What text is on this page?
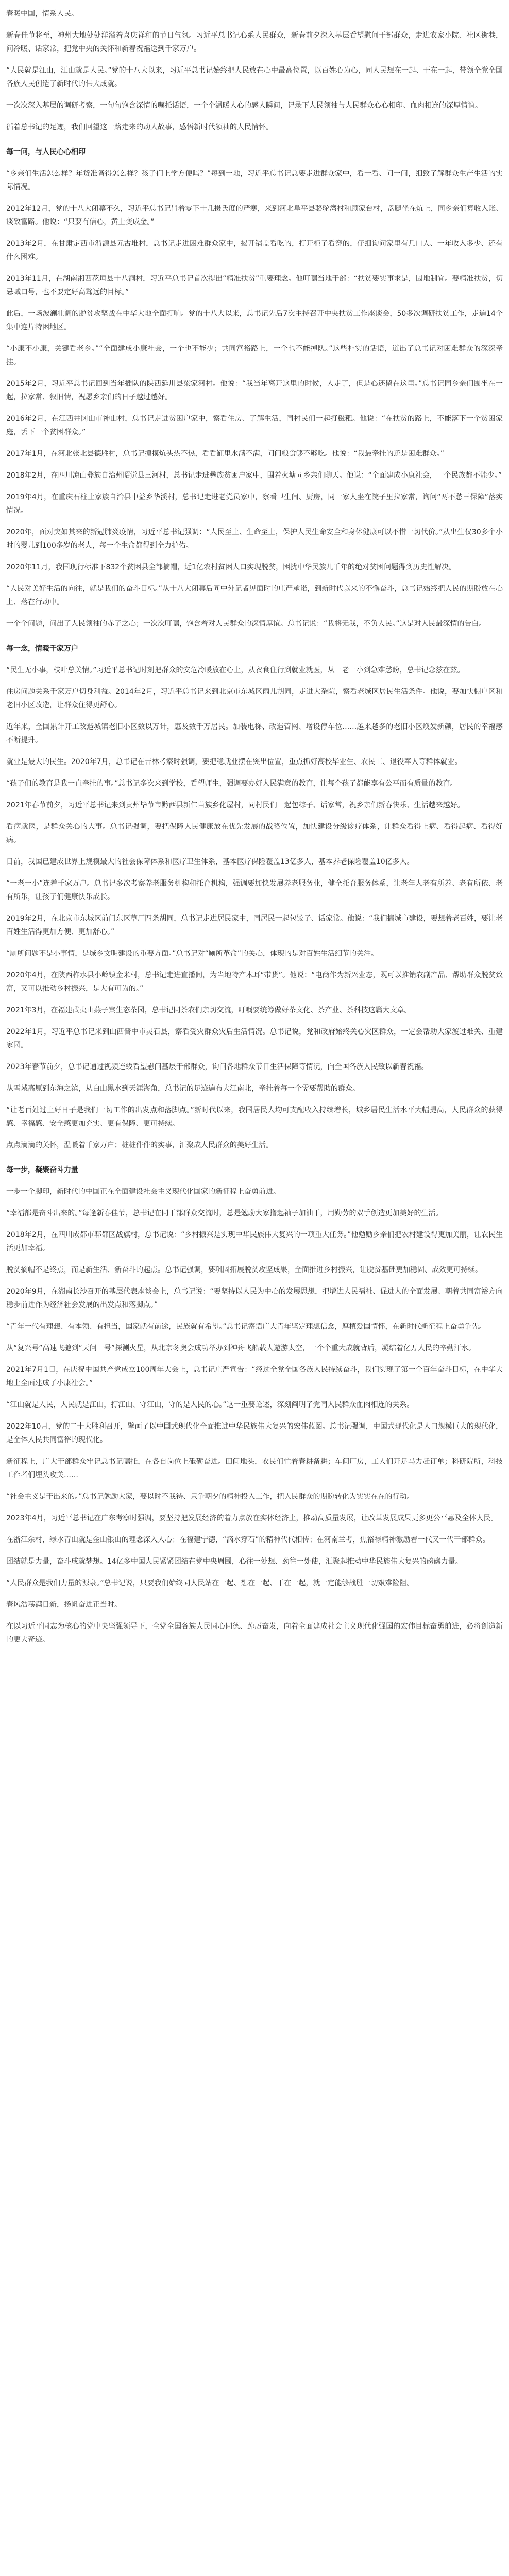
春暖中国，情系人民。

新春佳节将至，神州大地处处洋溢着喜庆祥和的节日气氛。习近平总书记心系人民群众，新春前夕深入基层看望慰问干部群众，走进农家小院、社区街巷，问冷暖、话家常，把党中央的关怀和新春祝福送到千家万户。

“人民就是江山，江山就是人民。”党的十八大以来，习近平总书记始终把人民放在心中最高位置，以百姓心为心，同人民想在一起、干在一起，带领全党全国各族人民创造了新时代的伟大成就。

一次次深入基层的调研考察，一句句饱含深情的嘱托话语，一个个温暖人心的感人瞬间，记录下人民领袖与人民群众心心相印、血肉相连的深厚情谊。

循着总书记的足迹，我们回望这一路走来的动人故事，感悟新时代领袖的人民情怀。

每一问，与人民心心相印

“乡亲们生活怎么样？年货准备得怎么样？孩子们上学方便吗？”每到一地，习近平总书记总要走进群众家中，看一看、问一问，细致了解群众生产生活的实际情况。

2012年12月，党的十八大闭幕不久，习近平总书记冒着零下十几摄氏度的严寒，来到河北阜平县骆驼湾村和顾家台村，盘腿坐在炕上，同乡亲们算收入账、谈致富路。他说：“只要有信心，黄土变成金。”

2013年2月，在甘肃定西市渭源县元古堆村，总书记走进困难群众家中，揭开锅盖看吃的，打开柜子看穿的，仔细询问家里有几口人、一年收入多少、还有什么困难。

2013年11月，在湖南湘西花垣县十八洞村，习近平总书记首次提出“精准扶贫”重要理念。他叮嘱当地干部：“扶贫要实事求是，因地制宜。要精准扶贫，切忌喊口号，也不要定好高骛远的目标。”

此后，一场波澜壮阔的脱贫攻坚战在中华大地全面打响。党的十八大以来，总书记先后7次主持召开中央扶贫工作座谈会，50多次调研扶贫工作，走遍14个集中连片特困地区。

“小康不小康，关键看老乡。”“全面建成小康社会，一个也不能少；共同富裕路上，一个也不能掉队。”这些朴实的话语，道出了总书记对困难群众的深深牵挂。

2015年2月，习近平总书记回到当年插队的陕西延川县梁家河村。他说：“我当年离开这里的时候，人走了，但是心还留在这里。”总书记同乡亲们围坐在一起，拉家常、叙旧情，祝愿乡亲们的日子越过越好。

2016年2月，在江西井冈山市神山村，总书记走进贫困户家中，察看住房、了解生活，同村民们一起打糍粑。他说：“在扶贫的路上，不能落下一个贫困家庭，丢下一个贫困群众。”

2017年1月，在河北张北县德胜村，总书记摸摸炕头热不热，看看缸里水满不满，问问粮食够不够吃。他说：“我最牵挂的还是困难群众。”

2018年2月，在四川凉山彝族自治州昭觉县三河村，总书记走进彝族贫困户家中，围着火塘同乡亲们聊天。他说：“全面建成小康社会，一个民族都不能少。”

2019年4月，在重庆石柱土家族自治县中益乡华溪村，总书记走进老党员家中，察看卫生间、厨房，同一家人坐在院子里拉家常，询问“两不愁三保障”落实情况。

2020年，面对突如其来的新冠肺炎疫情，习近平总书记强调：“人民至上、生命至上，保护人民生命安全和身体健康可以不惜一切代价。”从出生仅30多个小时的婴儿到100多岁的老人，每一个生命都得到全力护佑。

2020年11月，我国现行标准下832个贫困县全部摘帽，近1亿农村贫困人口实现脱贫，困扰中华民族几千年的绝对贫困问题得到历史性解决。

“人民对美好生活的向往，就是我们的奋斗目标。”从十八大闭幕后同中外记者见面时的庄严承诺，到新时代以来的不懈奋斗，总书记始终把人民的期盼放在心上、落在行动中。

一个个问题，问出了人民领袖的赤子之心；一次次叮嘱，饱含着对人民群众的深情厚谊。总书记说：“我将无我，不负人民。”这是对人民最深情的告白。

每一念，情暖千家万户

“民生无小事，枝叶总关情。”习近平总书记时刻把群众的安危冷暖放在心上，从衣食住行到就业就医，从一老一小到急难愁盼，总书记念兹在兹。

住房问题关系千家万户切身利益。2014年2月，习近平总书记来到北京市东城区雨儿胡同，走进大杂院，察看老城区居民生活条件。他说，要加快棚户区和老旧小区改造，让群众住得更舒心。

近年来，全国累计开工改造城镇老旧小区数以万计，惠及数千万居民。加装电梯、改造管网、增设停车位……越来越多的老旧小区焕发新颜，居民的幸福感不断提升。

就业是最大的民生。2020年7月，总书记在吉林考察时强调，要把稳就业摆在突出位置，重点抓好高校毕业生、农民工、退役军人等群体就业。

“孩子们的教育是我一直牵挂的事。”总书记多次来到学校，看望师生，强调要办好人民满意的教育，让每个孩子都能享有公平而有质量的教育。

2021年春节前夕，习近平总书记来到贵州毕节市黔西县新仁苗族乡化屋村，同村民们一起包粽子、话家常，祝乡亲们新春快乐、生活越来越好。

看病就医，是群众关心的大事。总书记强调，要把保障人民健康放在优先发展的战略位置，加快建设分级诊疗体系，让群众看得上病、看得起病、看得好病。

目前，我国已建成世界上规模最大的社会保障体系和医疗卫生体系，基本医疗保险覆盖13亿多人，基本养老保险覆盖10亿多人。

“一老一小”连着千家万户。总书记多次考察养老服务机构和托育机构，强调要加快发展养老服务业，健全托育服务体系，让老年人老有所养、老有所依、老有所乐，让孩子们健康快乐成长。

2019年2月，在北京市东城区前门东区草厂四条胡同，总书记走进居民家中，同居民一起包饺子、话家常。他说：“我们搞城市建设，要想着老百姓，要让老百姓生活得更加方便、更加舒心。”

“厕所问题不是小事情，是城乡文明建设的重要方面。”总书记对“厕所革命”的关心，体现的是对百姓生活细节的关注。

2020年4月，在陕西柞水县小岭镇金米村，总书记走进直播间，为当地特产木耳“带货”。他说：“电商作为新兴业态，既可以推销农副产品、帮助群众脱贫致富，又可以推动乡村振兴，是大有可为的。”

2021年3月，在福建武夷山燕子窠生态茶园，总书记同茶农们亲切交流，叮嘱要统筹做好茶文化、茶产业、茶科技这篇大文章。

2022年1月，习近平总书记来到山西晋中市灵石县，察看受灾群众灾后生活情况。总书记说，党和政府始终关心灾区群众，一定会帮助大家渡过难关、重建家园。

2023年春节前夕，总书记通过视频连线看望慰问基层干部群众，询问各地群众节日生活保障等情况，向全国各族人民致以新春祝福。

从雪域高原到东海之滨，从白山黑水到天涯海角，总书记的足迹遍布大江南北，牵挂着每一个需要帮助的群众。

“让老百姓过上好日子是我们一切工作的出发点和落脚点。”新时代以来，我国居民人均可支配收入持续增长，城乡居民生活水平大幅提高，人民群众的获得感、幸福感、安全感更加充实、更有保障、更可持续。

点点滴滴的关怀，温暖着千家万户；桩桩件件的实事，汇聚成人民群众的美好生活。

每一步，凝聚奋斗力量

一步一个脚印，新时代的中国正在全面建设社会主义现代化国家的新征程上奋勇前进。

“幸福都是奋斗出来的。”每逢新春佳节，总书记在同干部群众交流时，总是勉励大家撸起袖子加油干，用勤劳的双手创造更加美好的生活。

2018年2月，在四川成都市郫都区战旗村，总书记说：“乡村振兴是实现中华民族伟大复兴的一项重大任务。”他勉励乡亲们把农村建设得更加美丽，让农民生活更加幸福。

脱贫摘帽不是终点，而是新生活、新奋斗的起点。总书记强调，要巩固拓展脱贫攻坚成果，全面推进乡村振兴，让脱贫基础更加稳固、成效更可持续。

2020年9月，在湖南长沙召开的基层代表座谈会上，总书记说：“要坚持以人民为中心的发展思想，把增进人民福祉、促进人的全面发展、朝着共同富裕方向稳步前进作为经济社会发展的出发点和落脚点。”

“青年一代有理想、有本领、有担当，国家就有前途，民族就有希望。”总书记寄语广大青年坚定理想信念，厚植爱国情怀，在新时代新征程上奋勇争先。

从“复兴号”高速飞驰到“天问一号”探测火星，从北京冬奥会成功举办到神舟飞船载人遨游太空，一个个重大成就背后，凝结着亿万人民的辛勤汗水。

2021年7月1日，在庆祝中国共产党成立100周年大会上，总书记庄严宣告：“经过全党全国各族人民持续奋斗，我们实现了第一个百年奋斗目标，在中华大地上全面建成了小康社会。”

“江山就是人民，人民就是江山，打江山、守江山，守的是人民的心。”这一重要论述，深刻阐明了党同人民群众血肉相连的关系。

2022年10月，党的二十大胜利召开，擘画了以中国式现代化全面推进中华民族伟大复兴的宏伟蓝图。总书记强调，中国式现代化是人口规模巨大的现代化，是全体人民共同富裕的现代化。

新征程上，广大干部群众牢记总书记嘱托，在各自岗位上砥砺奋进。田间地头，农民们忙着春耕备耕；车间厂房，工人们开足马力赶订单；科研院所，科技工作者们埋头攻关……

“社会主义是干出来的。”总书记勉励大家，要以时不我待、只争朝夕的精神投入工作，把人民群众的期盼转化为实实在在的行动。

2023年4月，习近平总书记在广东考察时强调，要坚持把发展经济的着力点放在实体经济上，推动高质量发展，让改革发展成果更多更公平惠及全体人民。

在浙江余村，绿水青山就是金山银山的理念深入人心；在福建宁德，“滴水穿石”的精神代代相传；在河南兰考，焦裕禄精神激励着一代又一代干部群众。

团结就是力量，奋斗成就梦想。14亿多中国人民紧紧团结在党中央周围，心往一处想、劲往一处使，汇聚起推动中华民族伟大复兴的磅礴力量。

“人民群众是我们力量的源泉。”总书记说，只要我们始终同人民站在一起、想在一起、干在一起，就一定能够战胜一切艰难险阻。

春风浩荡满目新，扬帆奋进正当时。

在以习近平同志为核心的党中央坚强领导下，全党全国各族人民同心同德、踔厉奋发，向着全面建成社会主义现代化强国的宏伟目标奋勇前进，必将创造新的更大奇迹。
